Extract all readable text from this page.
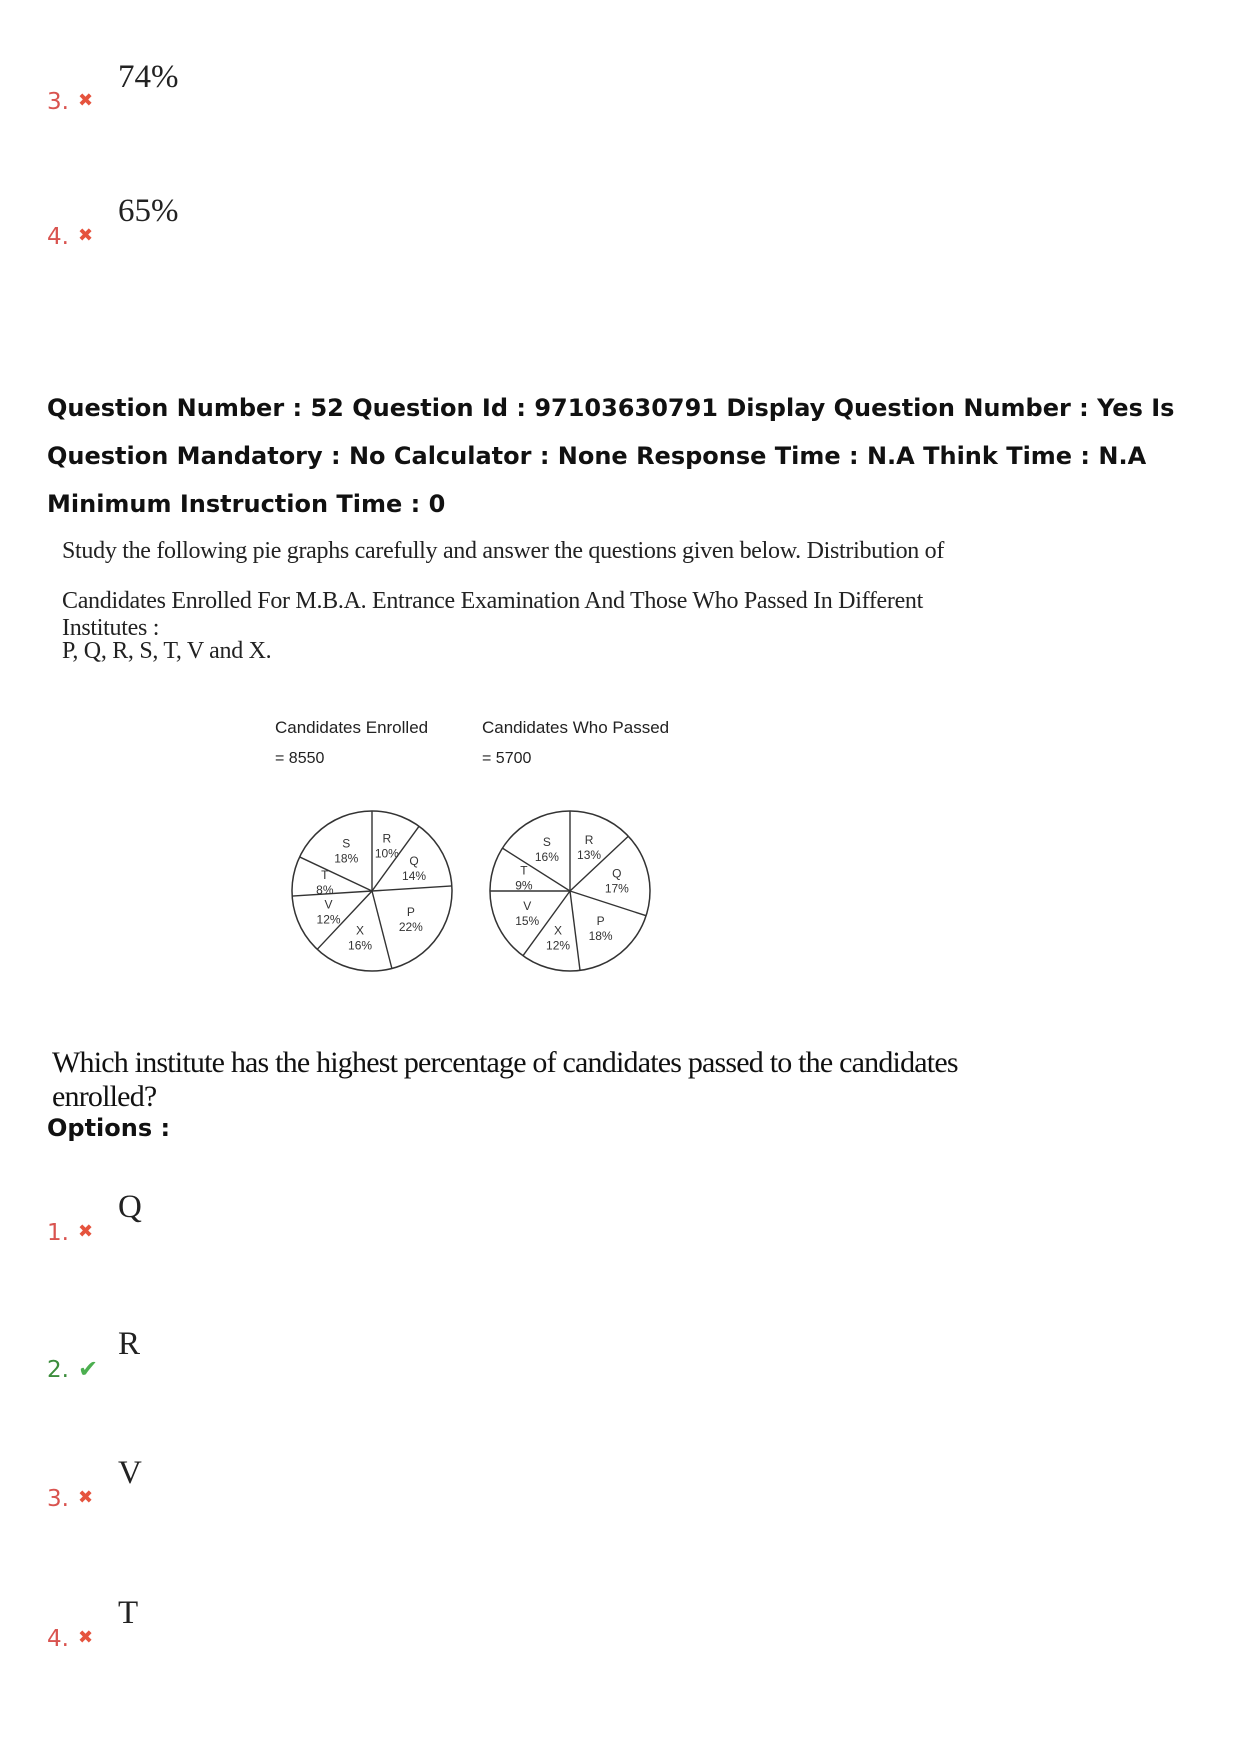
3. ✖
74%
4. ✖
65%
Question Number : 52 Question Id : 97103630791 Display Question Number : Yes Is Question Mandatory : No Calculator : None Response Time : N.A Think Time : N.A Minimum Instruction Time : 0
Study the following pie graphs carefully and answer the questions given below. Distribution of
Candidates Enrolled For M.B.A. Entrance Examination And Those Who Passed In Different Institutes :
P, Q, R, S, T, V and X.
Candidates Enrolled
= 8550
R
10%
Q
14%
P
22%
X
16%
V
12%
T
8%
S
18%
Candidates Who Passed
= 5700
R
13%
Q
17%
P
18%
X
12%
V
15%
T
9%
S
16%
Which institute has the highest percentage of candidates passed to the candidates enrolled?
Options :
1. ✖
Q
2. ✔
R
3. ✖
V
4. ✖
T
